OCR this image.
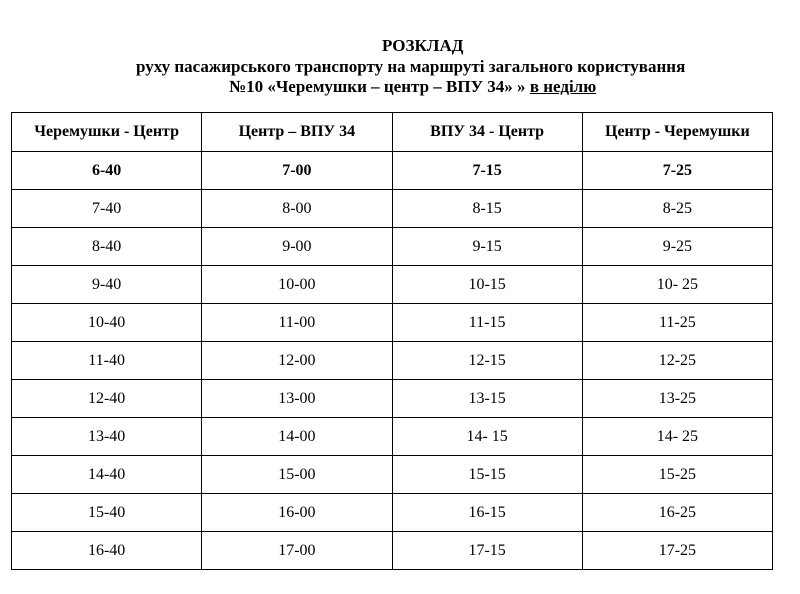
РОЗКЛАД
руху пасажирського транспорту на маршруті загального користування
№10 «Черемушки – центр – ВПУ 34» » в неділю
Черемушки - Центр	Центр – ВПУ 34	ВПУ 34 - Центр	Центр - Черемушки
6-40	7-00	7-15	7-25
7-40	8-00	8-15	8-25
8-40	9-00	9-15	9-25
9-40	10-00	10-15	10- 25
10-40	11-00	11-15	11-25
11-40	12-00	12-15	12-25
12-40	13-00	13-15	13-25
13-40	14-00	14- 15	14- 25
14-40	15-00	15-15	15-25
15-40	16-00	16-15	16-25
16-40	17-00	17-15	17-25
